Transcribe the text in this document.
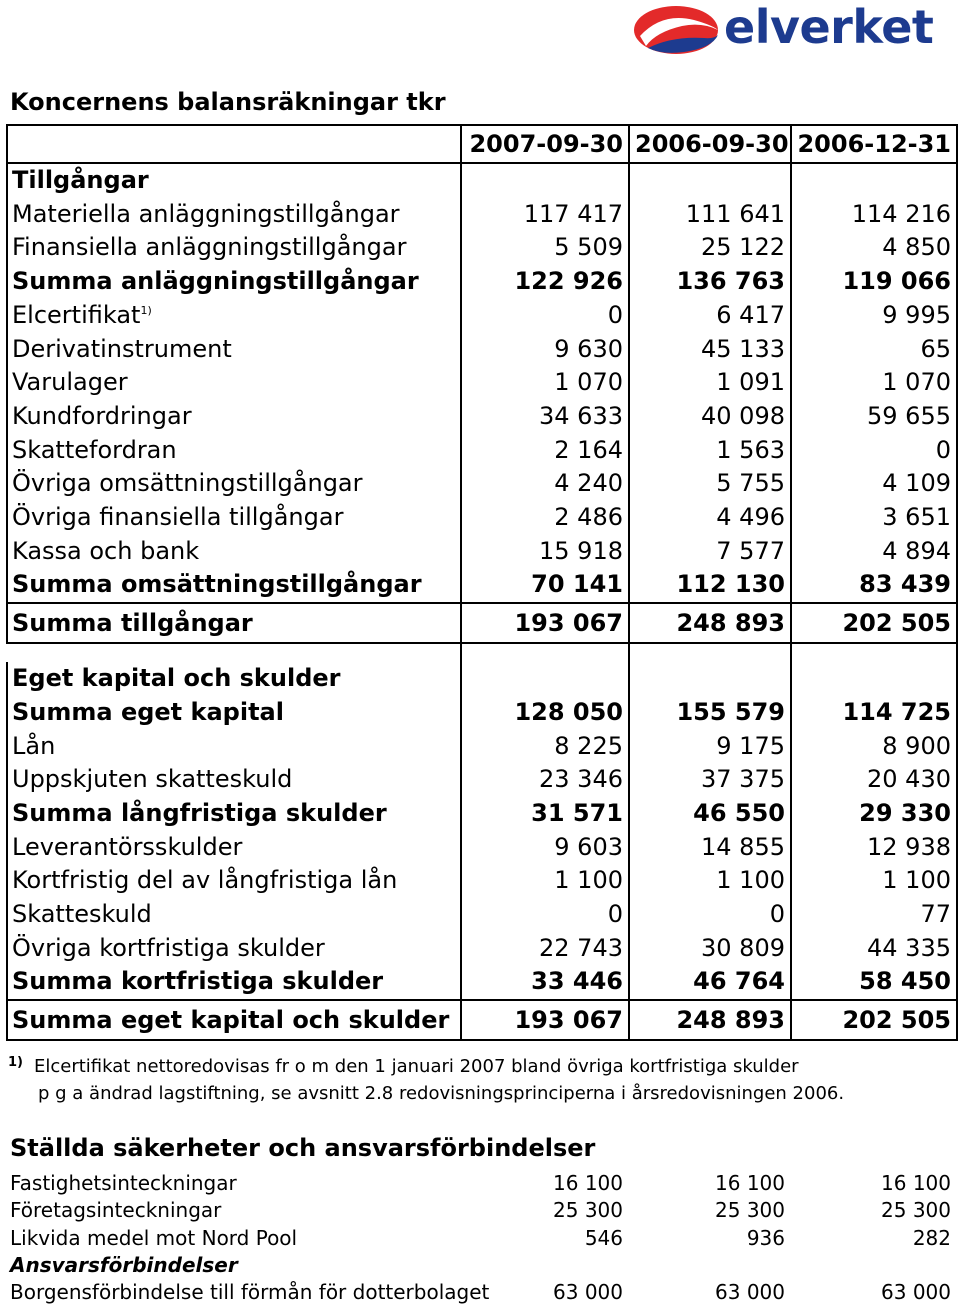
elverket
Koncernens balansräkningar tkr
	2007-09-30	2006-09-30	2006-12-31
Tillgångar			
Materiella anläggningstillgångar	117 417	111 641	114 216
Finansiella anläggningstillgångar	5 509	25 122	4 850
Summa anläggningstillgångar	122 926	136 763	119 066
Elcertifikat$^{1)}$	0	6 417	9 995
Derivatinstrument	9 630	45 133	65
Varulager	1 070	1 091	1 070
Kundfordringar	34 633	40 098	59 655
Skattefordran	2 164	1 563	0
Övriga omsättningstillgångar	4 240	5 755	4 109
Övriga finansiella tillgångar	2 486	4 496	3 651
Kassa och bank	15 918	7 577	4 894
Summa omsättningstillgångar	70 141	112 130	83 439
Summa tillgångar	193 067	248 893	202 505

Eget kapital och skulder			
Summa eget kapital	128 050	155 579	114 725
Lån	8 225	9 175	8 900
Uppskjuten skatteskuld	23 346	37 375	20 430
Summa långfristiga skulder	31 571	46 550	29 330
Leverantörsskulder	9 603	14 855	12 938
Kortfristig del av långfristiga lån	1 100	1 100	1 100
Skatteskuld	0	0	77
Övriga kortfristiga skulder	22 743	30 809	44 335
Summa kortfristiga skulder	33 446	46 764	58 450
Summa eget kapital och skulder	193 067	248 893	202 505
1) Elcertifikat nettoredovisas fr o m den 1 januari 2007 bland övriga kortfristiga skulder
p g a ändrad lagstiftning, se avsnitt 2.8 redovisningsprinciperna i årsredovisningen 2006.
Ställda säkerheter och ansvarsförbindelser
Fastighetsinteckningar	16 100	16 100	16 100
Företagsinteckningar	25 300	25 300	25 300
Likvida medel mot Nord Pool	546	936	282
Ansvarsförbindelser			
Borgensförbindelse till förmån för dotterbolaget	63 000	63 000	63 000
